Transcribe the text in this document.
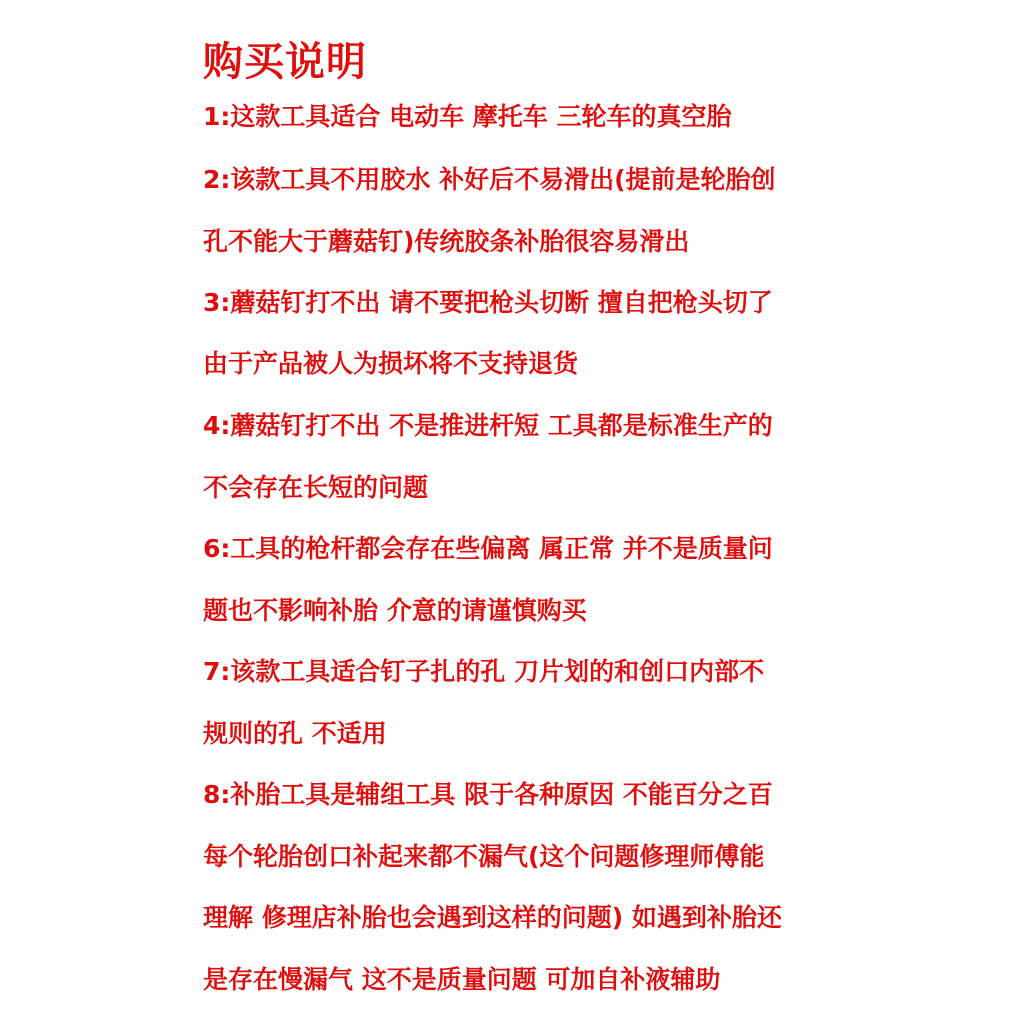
购买说明
1:这款工具适合 电动车 摩托车 三轮车的真空胎
2:该款工具不用胶水 补好后不易滑出(提前是轮胎创
孔不能大于蘑菇钉)传统胶条补胎很容易滑出
3:蘑菇钉打不出 请不要把枪头切断 擅自把枪头切了
由于产品被人为损坏将不支持退货
4:蘑菇钉打不出 不是推进杆短 工具都是标准生产的
不会存在长短的问题
6:工具的枪杆都会存在些偏离 属正常 并不是质量问
题也不影响补胎 介意的请谨慎购买
7:该款工具适合钉子扎的孔 刀片划的和创口内部不
规则的孔 不适用
8:补胎工具是辅组工具 限于各种原因 不能百分之百
每个轮胎创口补起来都不漏气(这个问题修理师傅能
理解 修理店补胎也会遇到这样的问题) 如遇到补胎还
是存在慢漏气 这不是质量问题 可加自补液辅助
